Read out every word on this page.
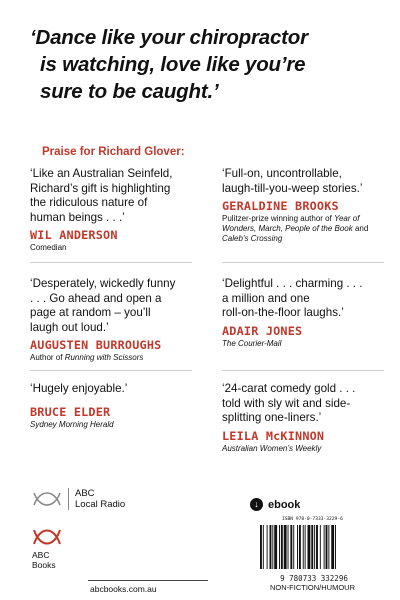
‘Dance like your chiropractor
is watching, love like you’re
sure to be caught.’
Praise for Richard Glover:
‘Like an Australian Seinfeld,
Richard’s gift is highlighting
the ridiculous nature of
human beings . . .’
WIL ANDERSON
Comedian
‘Full-on, uncontrollable,
laugh-till-you-weep stories.’
GERALDINE BROOKS
Pulitzer-prize winning author of Year of Wonders, March, People of the Book and Caleb’s Crossing
‘Desperately, wickedly funny
. . . Go ahead and open a
page at random – you’ll
laugh out loud.’
AUGUSTEN BURROUGHS
Author of Running with Scissors
‘Delightful . . . charming . . .
a million and one
roll-on-the-floor laughs.’
ADAIR JONES
The Courier-Mail
‘Hugely enjoyable.’
BRUCE ELDER
Sydney Morning Herald
‘24-carat comedy gold . . .
told with sly wit and side-
splitting one-liners.’
LEILA McKINNON
Australian Women’s Weekly
ABC
Local Radio
ABC
Books
abcbooks.com.au
↓ ebook
ISBN 978-0-7333-3229-6
9 780733 332296
NON-FICTION/HUMOUR
